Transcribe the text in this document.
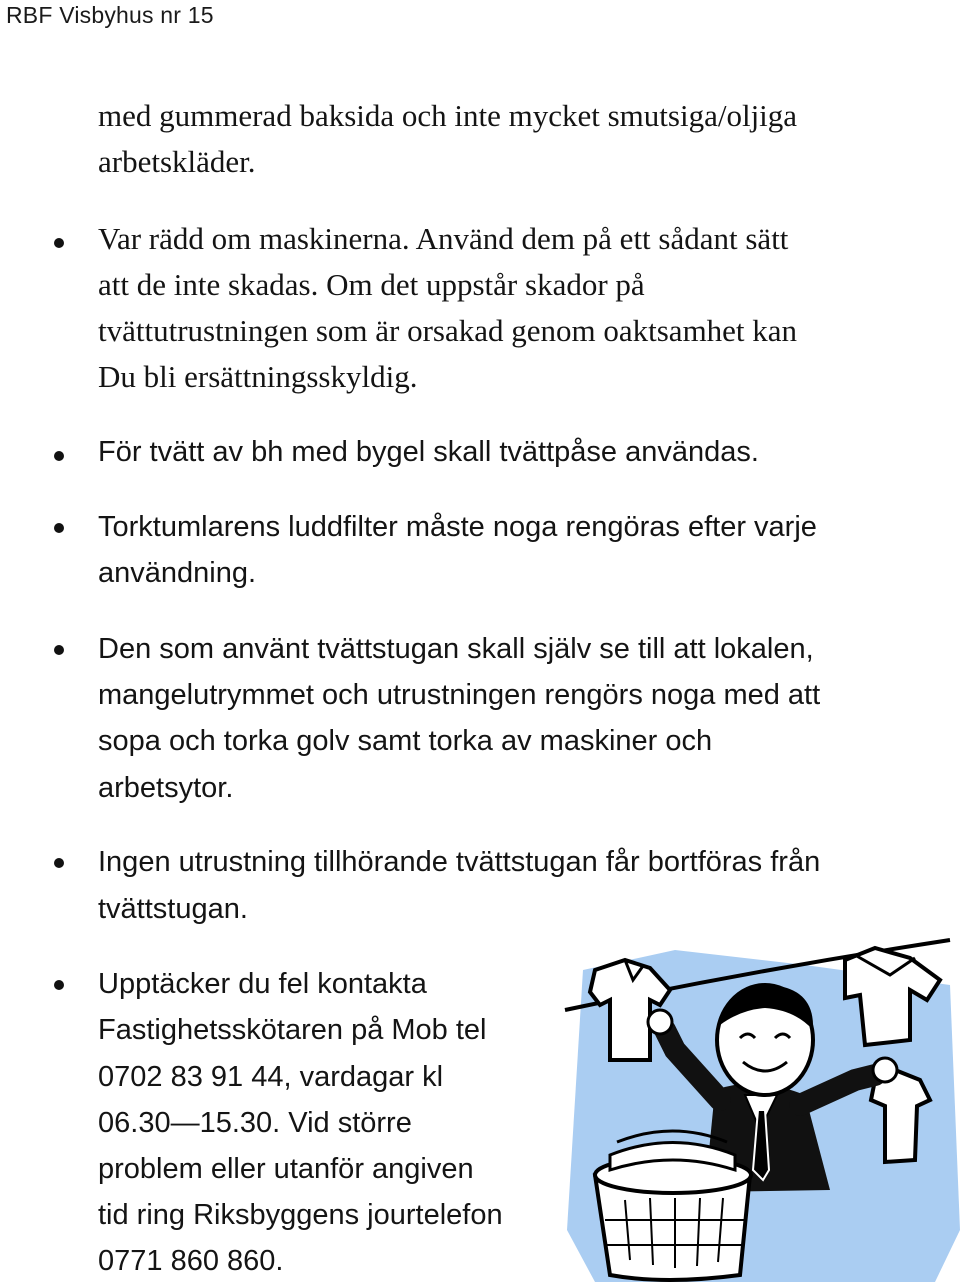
RBF Visbyhus nr 15
med gummerad baksida och inte mycket smutsiga/oljiga
arbetskläder.
Var rädd om maskinerna. Använd dem på ett sådant sätt
att de inte skadas. Om det uppstår skador på
tvättutrustningen som är orsakad genom oaktsamhet kan
Du bli ersättningsskyldig.
För tvätt av bh med bygel skall tvättpåse användas.
Torktumlarens luddfilter måste noga rengöras efter varje
användning.
Den som använt tvättstugan skall själv se till att lokalen,
mangelutrymmet och utrustningen rengörs noga med att
sopa och torka golv samt torka av maskiner och
arbetsytor.
Ingen utrustning tillhörande tvättstugan får bortföras från
tvättstugan.
Upptäcker du fel kontakta
Fastighetsskötaren på Mob tel
0702 83 91 44, vardagar kl
06.30—15.30. Vid större
problem eller utanför angiven
tid ring Riksbyggens jourtelefon
0771 860 860.
